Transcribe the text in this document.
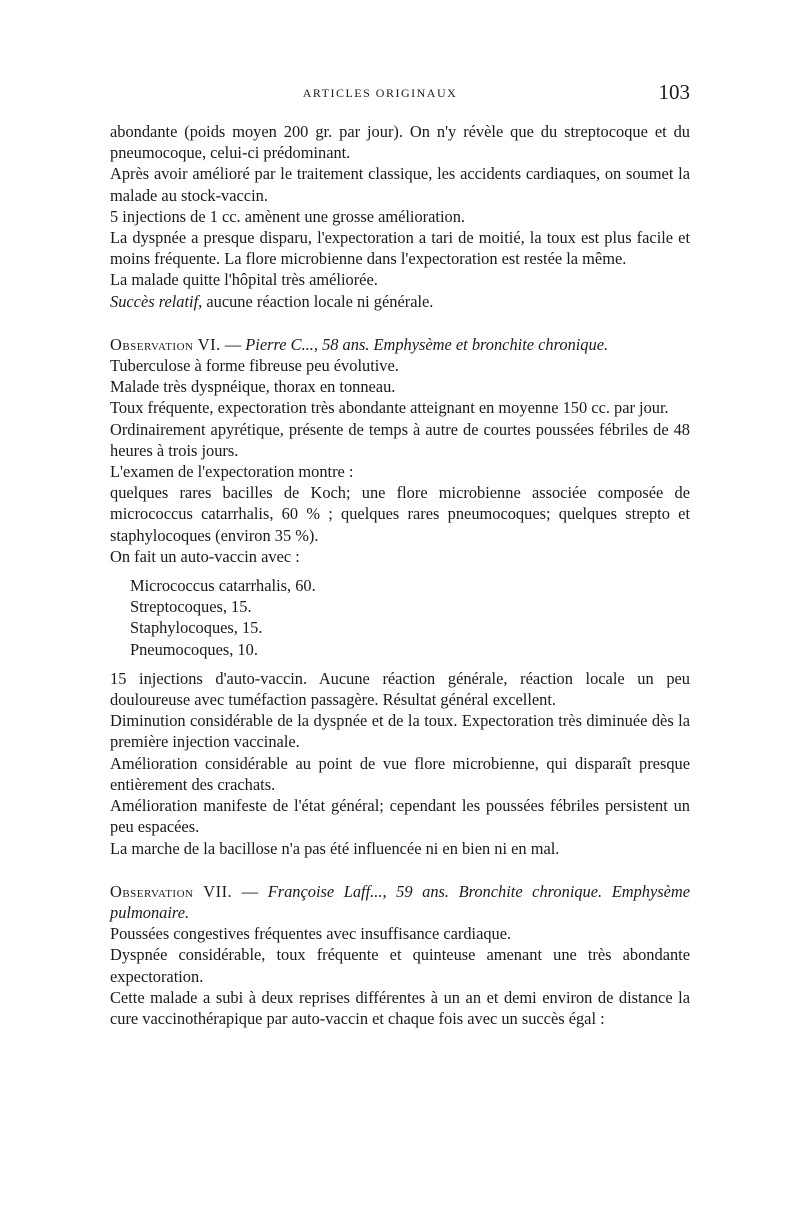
ARTICLES ORIGINAUX	103

abondante (poids moyen 200 gr. par jour). On n'y révèle que du streptocoque et du pneumocoque, celui-ci prédominant.

Après avoir amélioré par le traitement classique, les accidents cardiaques, on soumet la malade au stock-vaccin.

5 injections de 1 cc. amènent une grosse amélioration.

La dyspnée a presque disparu, l'expectoration a tari de moitié, la toux est plus facile et moins fréquente. La flore microbienne dans l'expectoration est restée la même.

La malade quitte l'hôpital très améliorée.

Succès relatif, aucune réaction locale ni générale.

Observation VI. — Pierre C..., 58 ans. Emphysème et bronchite chronique.

Tuberculose à forme fibreuse peu évolutive.

Malade très dyspnéique, thorax en tonneau.

Toux fréquente, expectoration très abondante atteignant en moyenne 150 cc. par jour.

Ordinairement apyrétique, présente de temps à autre de courtes poussées fébriles de 48 heures à trois jours.

L'examen de l'expectoration montre :

quelques rares bacilles de Koch; une flore microbienne associée composée de micrococcus catarrhalis, 60 % ; quelques rares pneumocoques; quelques strepto et staphylocoques (environ 35 %).

On fait un auto-vaccin avec :

Micrococcus catarrhalis, 60.

Streptocoques, 15.

Staphylocoques, 15.

Pneumocoques, 10.

15 injections d'auto-vaccin. Aucune réaction générale, réaction locale un peu douloureuse avec tuméfaction passagère. Résultat général excellent.

Diminution considérable de la dyspnée et de la toux. Expectoration très diminuée dès la première injection vaccinale.

Amélioration considérable au point de vue flore microbienne, qui disparaît presque entièrement des crachats.

Amélioration manifeste de l'état général; cependant les poussées fébriles persistent un peu espacées.

La marche de la bacillose n'a pas été influencée ni en bien ni en mal.

Observation VII. — Françoise Laff..., 59 ans. Bronchite chronique. Emphysème pulmonaire.

Poussées congestives fréquentes avec insuffisance cardiaque.

Dyspnée considérable, toux fréquente et quinteuse amenant une très abondante expectoration.

Cette malade a subi à deux reprises différentes à un an et demi environ de distance la cure vaccinothérapique par auto-vaccin et chaque fois avec un succès égal :
